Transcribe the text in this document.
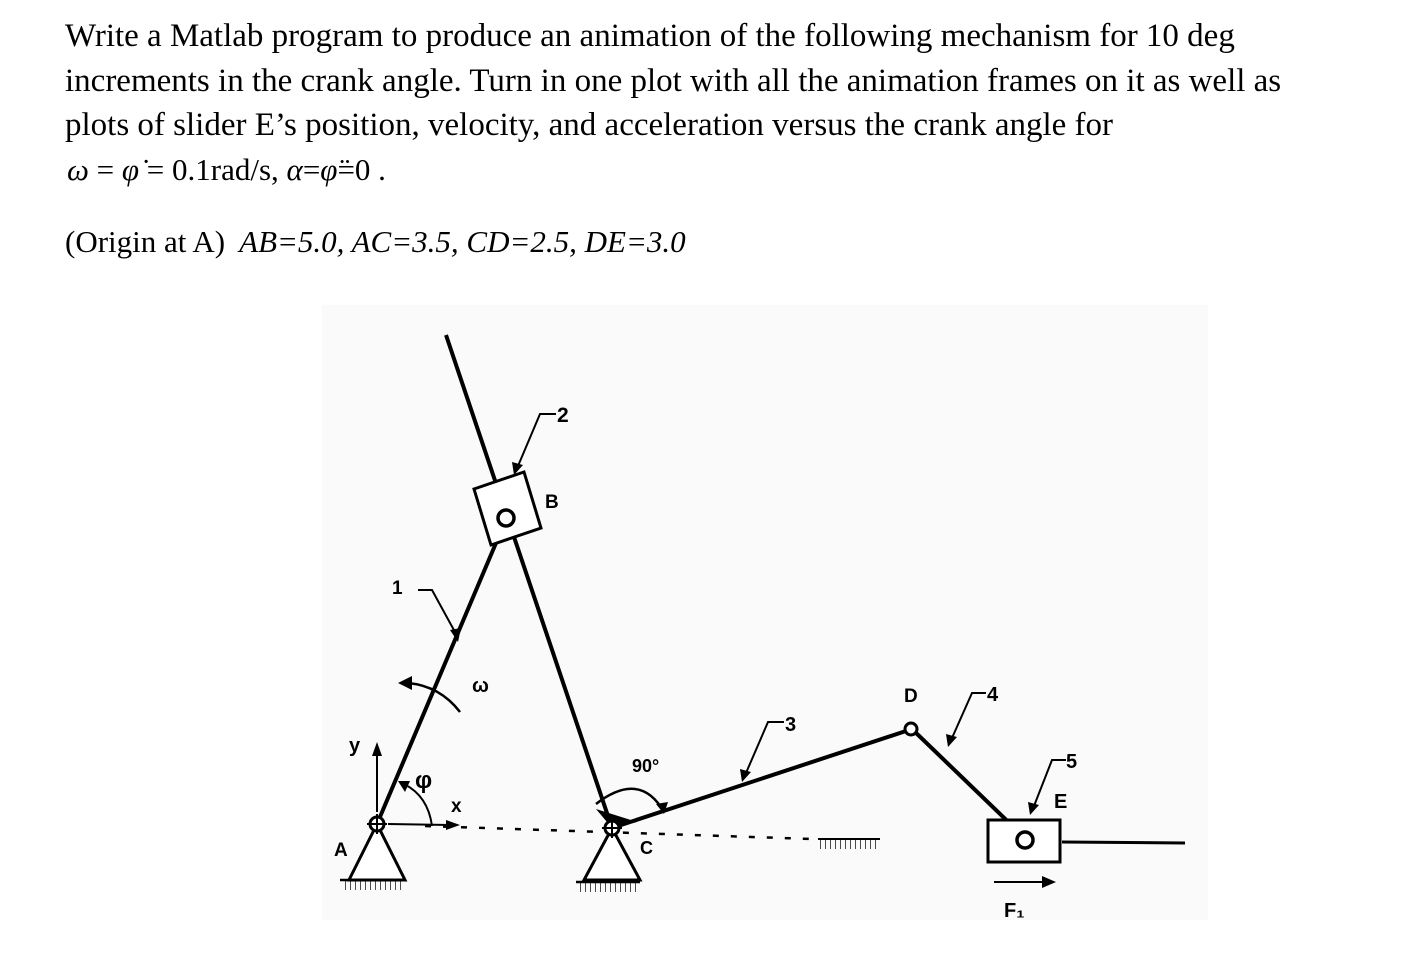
Write a Matlab program to produce an animation of the following mechanism for 10 deg
increments in the crank angle. Turn in one plot with all the animation frames on it as well as
plots of slider E’s position, velocity, and acceleration versus the crank angle for
ω = φ̇ = 0.1rad/s, α=φ̈=0 .
(Origin at A) AB=5.0, AC=3.5, CD=2.5, DE=3.0
2
B
1
ω	D	4
3
y
φ
90°	5
E
x
A	C
F₁
